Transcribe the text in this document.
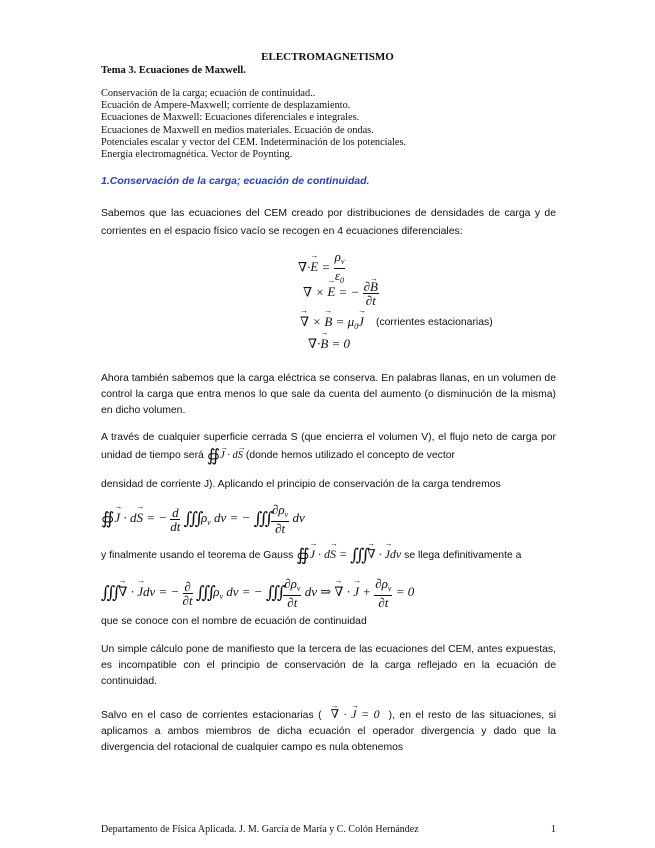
ELECTROMAGNETISMO
Tema 3. Ecuaciones de Maxwell.
Conservación de la carga; ecuación de continuidad..
Ecuación de Ampere-Maxwell; corriente de desplazamiento.
Ecuaciones de Maxwell: Ecuaciones diferenciales e integrales.
Ecuaciones de Maxwell en medios materiales. Ecuación de ondas.
Potenciales escalar y vector del CEM. Indeterminación de los potenciales.
Energía electromagnética. Vector de Poynting.
1.Conservación de la carga; ecuación de continuidad.
Sabemos que las ecuaciones del CEM creado por distribuciones de densidades de carga y de corrientes en el espacio físico vacío se recogen en 4 ecuaciones diferenciales:
∇·→ $E = \frac{\rho_v}{\varepsilon_0}$
∇ × → E = − $\frac{\partial\to B}{\partial t}$
→ ∇ × → $B = \mu_0\to J$ (corrientes estacionarias)
∇·→ B = 0
Ahora también sabemos que la carga eléctrica se conserva. En palabras llanas, en un volumen de control la carga que entra menos lo que sale da cuenta del aumento (o disminución de la misma) en dicho volumen.
A través de cualquier superficie cerrada S (que encierra el volumen V), el flujo neto de carga por unidad de tiempo será ∯→ J · d→ S (donde hemos utilizado el concepto de vector
densidad de corriente J). Aplicando el principio de conservación de la carga tendremos
∯→ J · d→ S = − $\frac{d}{dt}$ ∭ $\rho_v$ dv = − ∭ $\frac{\partial\rho_v}{\partial t}$ dv
y finalmente usando el teorema de Gauss ∯→ J · d→ S = ∭ → ∇ · → Jdv se llega definitivamente a
∭ → ∇ · → Jdv = − $\frac{\partial}{\partial t}$ ∭ $\rho_v$ dv = − ∭ $\frac{\partial\rho_v}{\partial t}$ dv ⇒ → ∇ · → $J + \frac{\partial\rho_v}{\partial t} = 0$
que se conoce con el nombre de ecuación de continuidad
Un simple cálculo pone de manifiesto que la tercera de las ecuaciones del CEM, antes expuestas, es incompatible con el principio de conservación de la carga reflejado en la ecuación de continuidad.
Salvo en el caso de corrientes estacionarias ( → ∇ · → J = 0  ), en el resto de las situaciones, si aplicamos a ambos miembros de dicha ecuación el operador divergencia y dado que la divergencia del rotacional de cualquier campo es nula obtenemos
Departamento de Física Aplicada. J. M. García de María y C. Colón Hernández	1
